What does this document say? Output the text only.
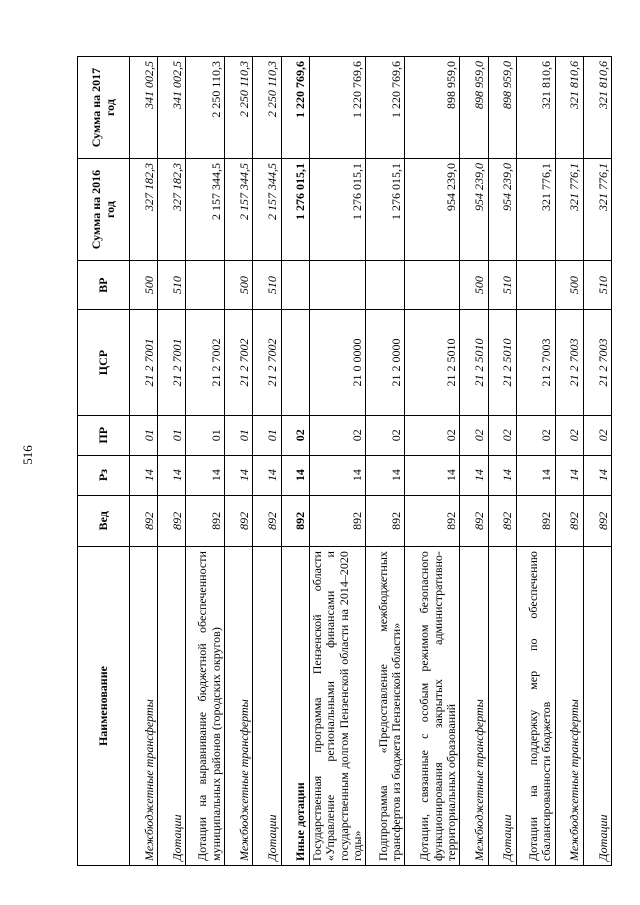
516
Наименование	Вед	Рз	ПР	ЦСР	ВР	Сумма на 2016 год	Сумма на 2017 год
Межбюджетные трансферты	892	14	01	21 2 7001	500	327 182,3	341 002,5
Дотации	892	14	01	21 2 7001	510	327 182,3	341 002,5
Дотации на выравнивание бюджетной обеспеченности муниципальных районов (городских округов)	892	14	01	21 2 7002		2 157 344,5	2 250 110,3
Межбюджетные трансферты	892	14	01	21 2 7002	500	2 157 344,5	2 250 110,3
Дотации	892	14	01	21 2 7002	510	2 157 344,5	2 250 110,3
Иные дотации	892	14	02			1 276 015,1	1 220 769,6
Государственная программа Пензенской области «Управление региональными финансами и государственным долгом Пензенской области на 2014–2020 годы»	892	14	02	21 0 0000		1 276 015,1	1 220 769,6
Подпрограмма «Предоставление межбюджетных трансфертов из бюджета Пензенской области»	892	14	02	21 2 0000		1 276 015,1	1 220 769,6
Дотации, связанные с особым режимом безопасного функционирования закрытых административно-территориальных образований	892	14	02	21 2 5010		954 239,0	898 959,0
Межбюджетные трансферты	892	14	02	21 2 5010	500	954 239,0	898 959,0
Дотации	892	14	02	21 2 5010	510	954 239,0	898 959,0
Дотации на поддержку мер по обеспечению сбалансированности бюджетов	892	14	02	21 2 7003		321 776,1	321 810,6
Межбюджетные трансферты	892	14	02	21 2 7003	500	321 776,1	321 810,6
Дотации	892	14	02	21 2 7003	510	321 776,1	321 810,6
